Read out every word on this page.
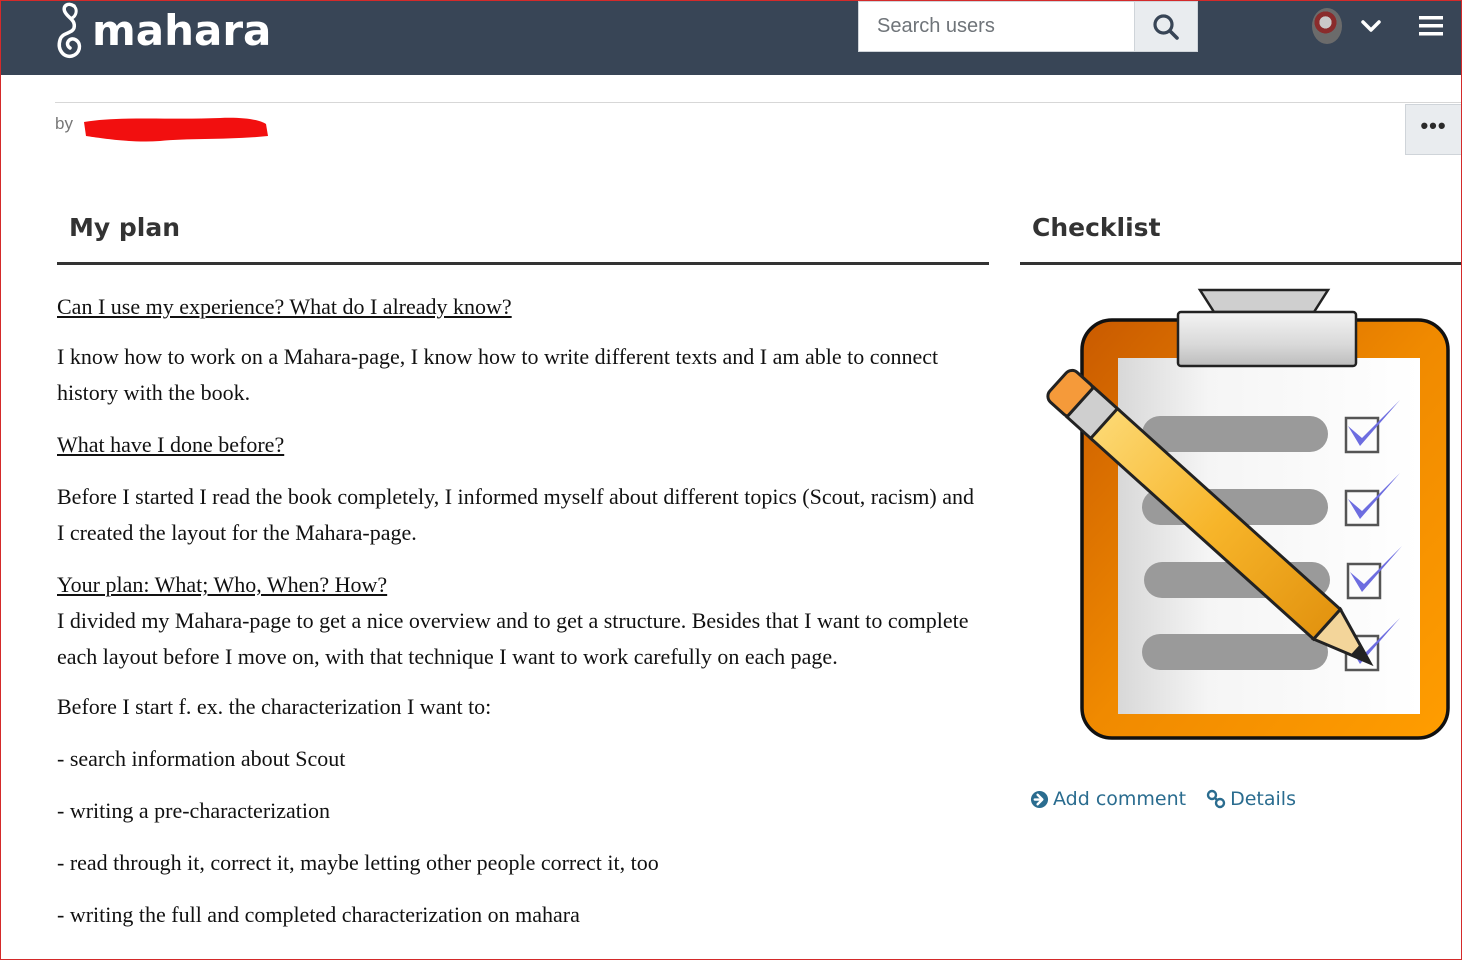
mahara
Search users
by	•••
My plan

Can I use my experience? What do I already know?

I know how to work on a Mahara-page, I know how to write different texts and I am able to connect history with the book.

What have I done before?

Before I started I read the book completely, I informed myself about different topics (Scout, racism) and I created the layout for the Mahara-page.

Your plan: What; Who, When? How?

I divided my Mahara-page to get a nice overview and to get a structure. Besides that I want to complete each layout before I move on, with that technique I want to work carefully on each page.

Before I start f. ex. the characterization I want to:

- search information about Scout

- writing a pre-characterization

- read through it, correct it, maybe letting other people correct it, too

- writing the full and completed characterization on mahara

Checklist
Add comment Details
